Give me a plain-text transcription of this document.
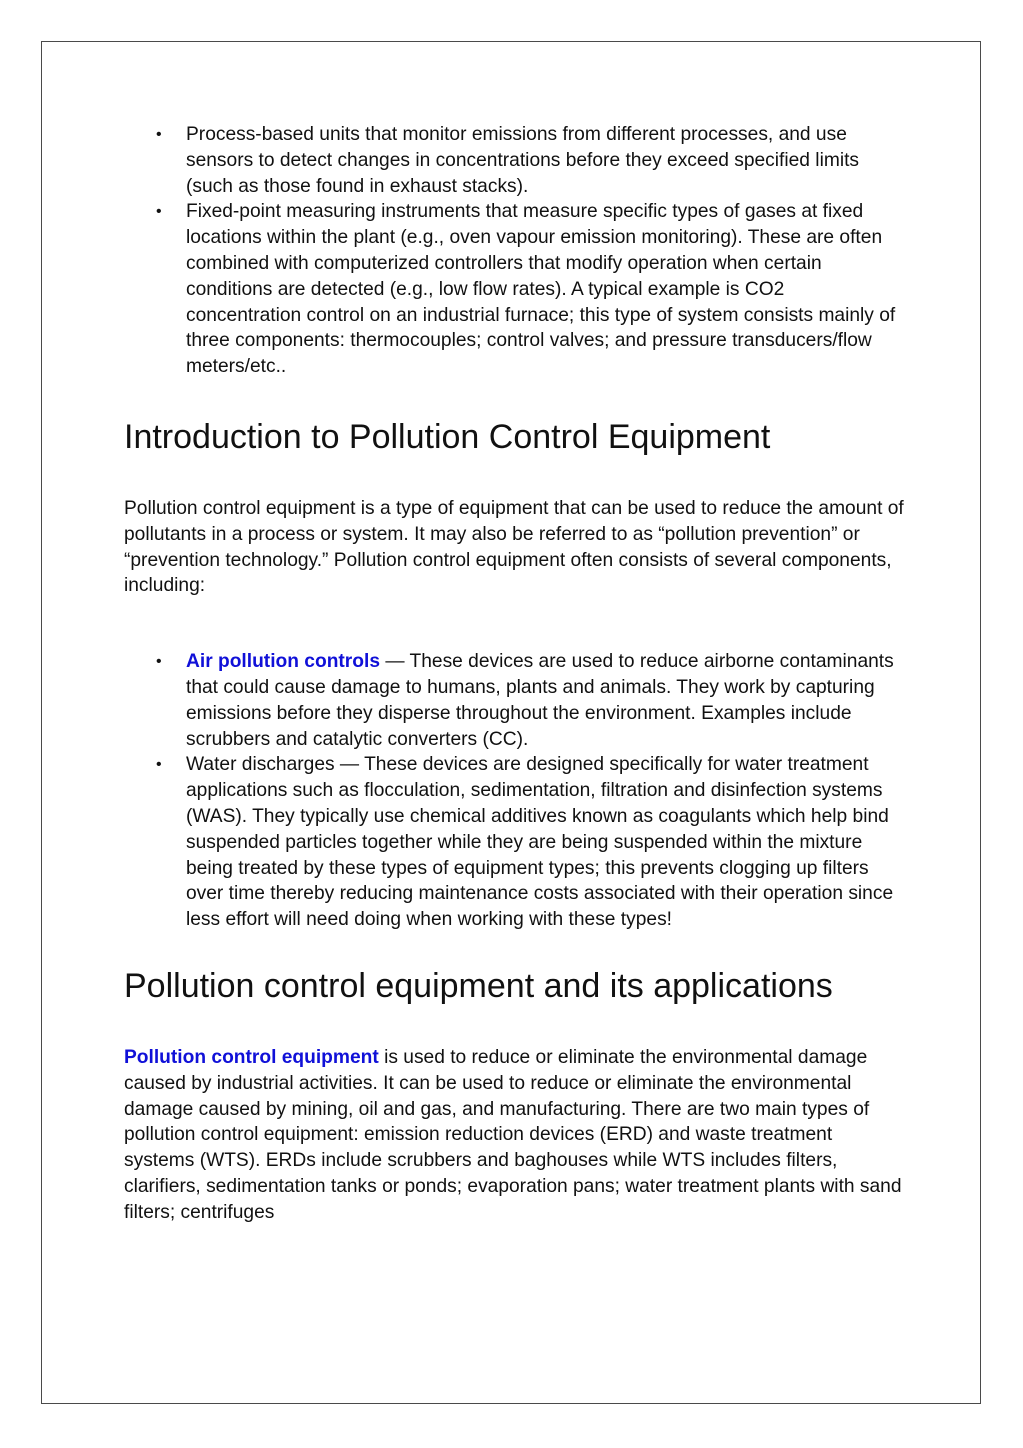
• Process-based units that monitor emissions from different processes, and use sensors to detect changes in concentrations before they exceed specified limits (such as those found in exhaust stacks).
• Fixed-point measuring instruments that measure specific types of gases at fixed locations within the plant (e.g., oven vapour emission monitoring). These are often combined with computerized controllers that modify operation when certain conditions are detected (e.g., low flow rates). A typical example is CO2 concentration control on an industrial furnace; this type of system consists mainly of three components: thermocouples; control valves; and pressure transducers/flow meters/etc..
Introduction to Pollution Control Equipment

Pollution control equipment is a type of equipment that can be used to reduce the amount of pollutants in a process or system. It may also be referred to as “pollution prevention” or “prevention technology.” Pollution control equipment often consists of several components, including:

• Air pollution controls — These devices are used to reduce airborne contaminants that could cause damage to humans, plants and animals. They work by capturing emissions before they disperse throughout the environment. Examples include scrubbers and catalytic converters (CC).
• Water discharges — These devices are designed specifically for water treatment applications such as flocculation, sedimentation, filtration and disinfection systems (WAS). They typically use chemical additives known as coagulants which help bind suspended particles together while they are being suspended within the mixture being treated by these types of equipment types; this prevents clogging up filters over time thereby reducing maintenance costs associated with their operation since less effort will need doing when working with these types!
Pollution control equipment and its applications

Pollution control equipment is used to reduce or eliminate the environmental damage caused by industrial activities. It can be used to reduce or eliminate the environmental damage caused by mining, oil and gas, and manufacturing. There are two main types of pollution control equipment: emission reduction devices (ERD) and waste treatment systems (WTS). ERDs include scrubbers and baghouses while WTS includes filters, clarifiers, sedimentation tanks or ponds; evaporation pans; water treatment plants with sand filters; centrifuges
